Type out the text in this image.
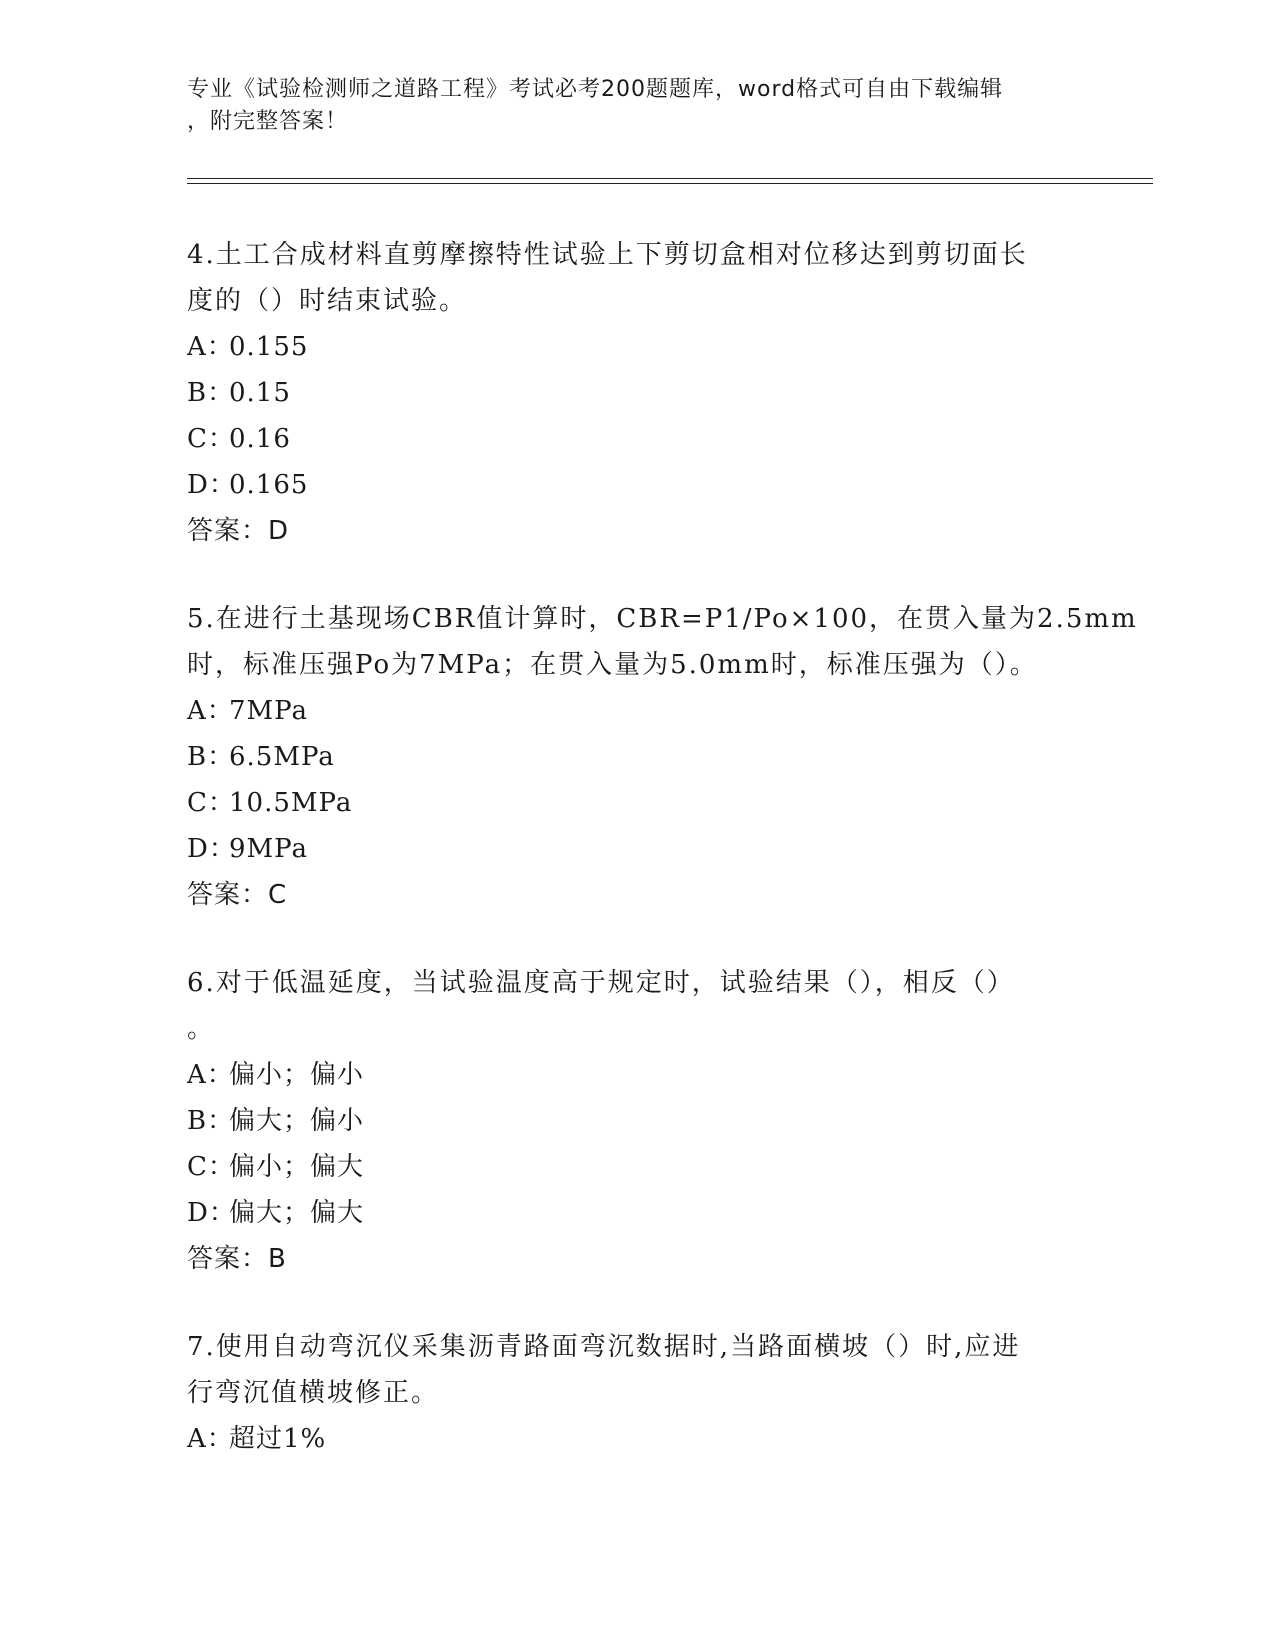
专业《试验检测师之道路工程》考试必考200题题库，word格式可自由下载编辑
，附完整答案！
4.土工合成材料直剪摩擦特性试验上下剪切盒相对位移达到剪切面长
度的（）时结束试验。
A：0.155
B：0.15
C：0.16
D：0.165
答案：D
5.在进行土基现场CBR值计算时，CBR=P1/Po×100，在贯入量为2.5mm
时，标准压强Po为7MPa；在贯入量为5.0mm时，标准压强为（）。
A：7MPa
B：6.5MPa
C：10.5MPa
D：9MPa
答案：C
6.对于低温延度，当试验温度高于规定时，试验结果（），相反（）
。
A：偏小；偏小
B：偏大；偏小
C：偏小；偏大
D：偏大；偏大
答案：B
7.使用自动弯沉仪采集沥青路面弯沉数据时,当路面横坡（）时,应进
行弯沉值横坡修正。
A：超过1%
